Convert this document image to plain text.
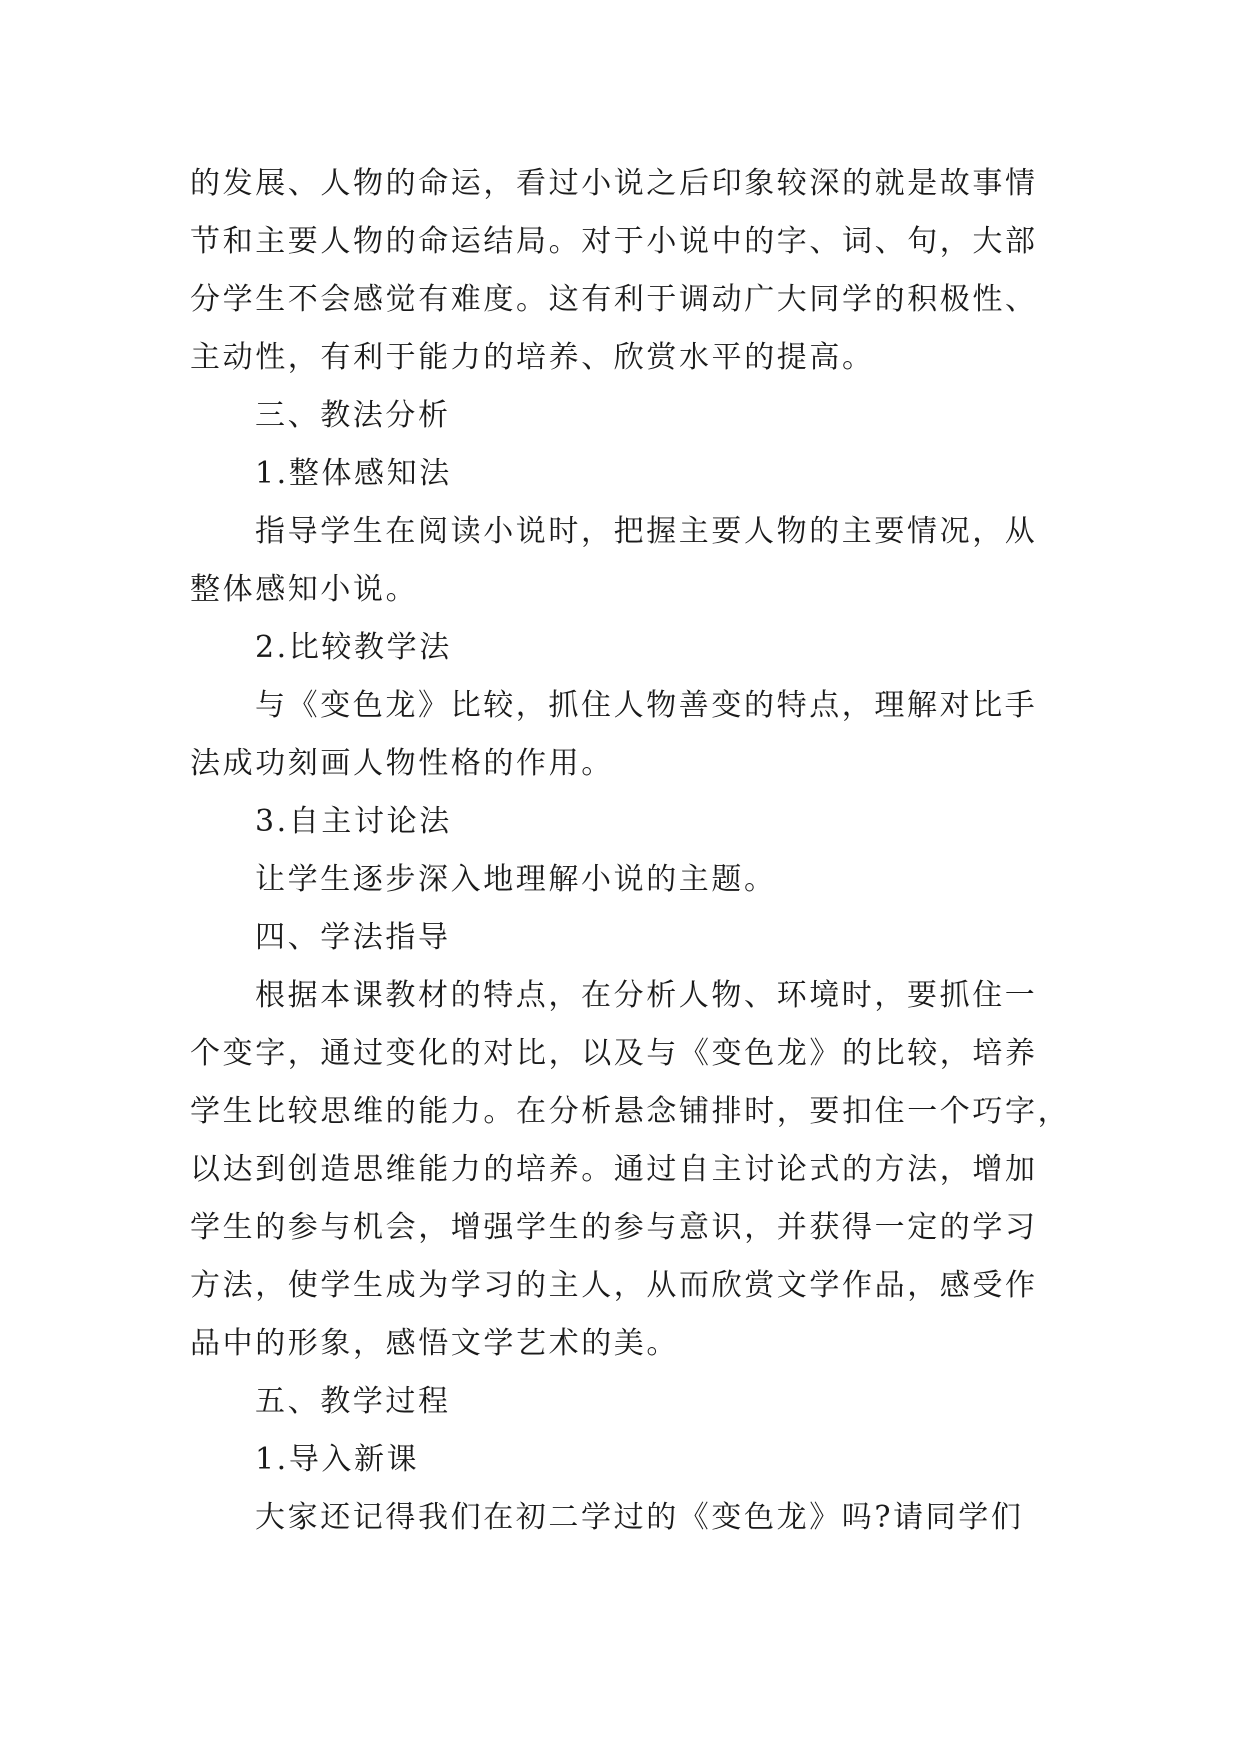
的发展、人物的命运，看过小说之后印象较深的就是故事情
节和主要人物的命运结局。对于小说中的字、词、句，大部
分学生不会感觉有难度。这有利于调动广大同学的积极性、
主动性，有利于能力的培养、欣赏水平的提高。
三、教法分析
1.整体感知法
指导学生在阅读小说时，把握主要人物的主要情况，从
整体感知小说。
2.比较教学法
与《变色龙》比较，抓住人物善变的特点，理解对比手
法成功刻画人物性格的作用。
3.自主讨论法
让学生逐步深入地理解小说的主题。
四、学法指导
根据本课教材的特点，在分析人物、环境时，要抓住一
个变字，通过变化的对比，以及与《变色龙》的比较，培养
学生比较思维的能力。在分析悬念铺排时，要扣住一个巧字，
以达到创造思维能力的培养。通过自主讨论式的方法，增加
学生的参与机会，增强学生的参与意识，并获得一定的学习
方法，使学生成为学习的主人，从而欣赏文学作品，感受作
品中的形象，感悟文学艺术的美。
五、教学过程
1.导入新课
大家还记得我们在初二学过的《变色龙》吗?请同学们
